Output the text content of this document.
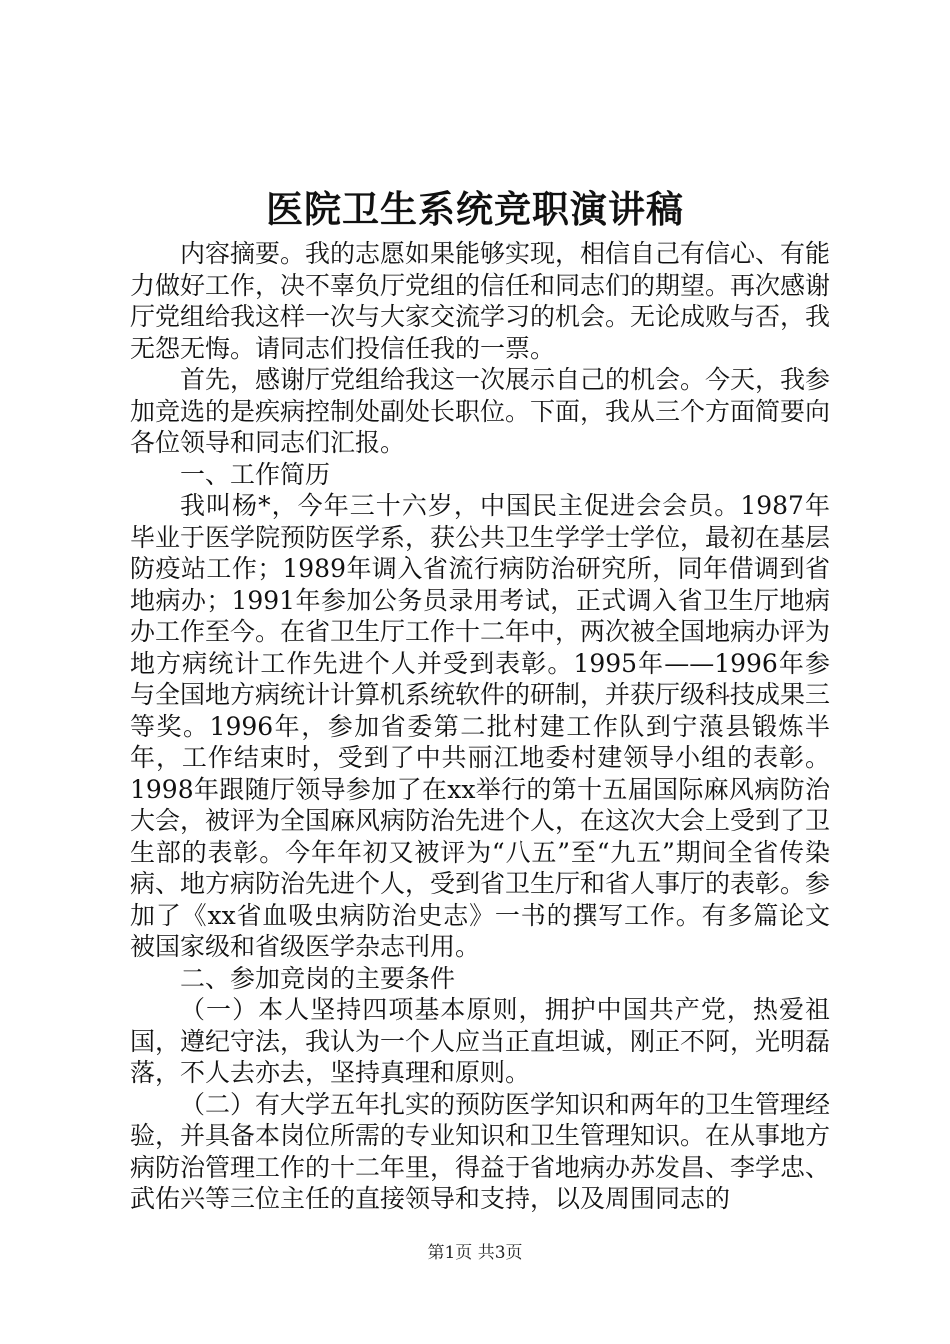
医院卫生系统竞职演讲稿

内容摘要。我的志愿如果能够实现，相信自己有信心、有能力做好工作，决不辜负厅党组的信任和同志们的期望。再次感谢厅党组给我这样一次与大家交流学习的机会。无论成败与否，我无怨无悔。请同志们投信任我的一票。

首先，感谢厅党组给我这一次展示自己的机会。今天，我参加竞选的是疾病控制处副处长职位。下面，我从三个方面简要向各位领导和同志们汇报。

一、工作简历

我叫杨*，今年三十六岁，中国民主促进会会员。1987年毕业于医学院预防医学系，获公共卫生学学士学位，最初在基层防疫站工作；1989年调入省流行病防治研究所，同年借调到省地病办；1991年参加公务员录用考试，正式调入省卫生厅地病办工作至今。在省卫生厅工作十二年中，两次被全国地病办评为地方病统计工作先进个人并受到表彰。1995年——1996年参与全国地方病统计计算机系统软件的研制，并获厅级科技成果三等奖。1996年，参加省委第二批村建工作队到宁蒗县锻炼半年，工作结束时，受到了中共丽江地委村建领导小组的表彰。1998年跟随厅领导参加了在xx举行的第十五届国际麻风病防治大会，被评为全国麻风病防治先进个人，在这次大会上受到了卫生部的表彰。今年年初又被评为“八五”至“九五”期间全省传染病、地方病防治先进个人，受到省卫生厅和省人事厅的表彰。参加了《xx省血吸虫病防治史志》一书的撰写工作。有多篇论文被国家级和省级医学杂志刊用。

二、参加竞岗的主要条件

（一）本人坚持四项基本原则，拥护中国共产党，热爱祖国，遵纪守法，我认为一个人应当正直坦诚，刚正不阿，光明磊落，不人去亦去，坚持真理和原则。

（二）有大学五年扎实的预防医学知识和两年的卫生管理经验，并具备本岗位所需的专业知识和卫生管理知识。在从事地方病防治管理工作的十二年里，得益于省地病办苏发昌、李学忠、武佑兴等三位主任的直接领导和支持，以及周围同志的

第1页 共3页
